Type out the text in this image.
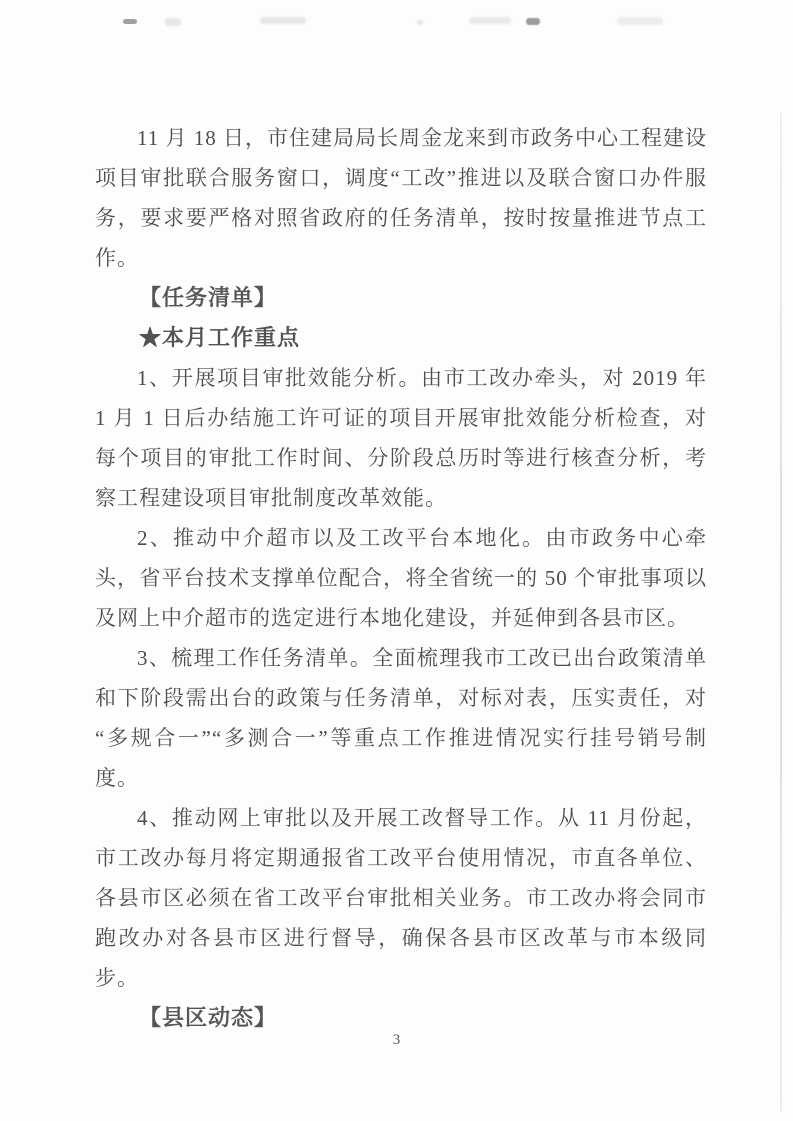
11 月 18 日，市住建局局长周金龙来到市政务中心工程建设项目审批联合服务窗口，调度“工改”推进以及联合窗口办件服务，要求要严格对照省政府的任务清单，按时按量推进节点工作。

【任务清单】
★本月工作重点

1、开展项目审批效能分析。由市工改办牵头，对 2019 年 1 月 1 日后办结施工许可证的项目开展审批效能分析检查，对每个项目的审批工作时间、分阶段总历时等进行核查分析，考察工程建设项目审批制度改革效能。

2、推动中介超市以及工改平台本地化。由市政务中心牵头，省平台技术支撑单位配合，将全省统一的 50 个审批事项以及网上中介超市的选定进行本地化建设，并延伸到各县市区。

3、梳理工作任务清单。全面梳理我市工改已出台政策清单和下阶段需出台的政策与任务清单，对标对表，压实责任，对“多规合一”“多测合一”等重点工作推进情况实行挂号销号制度。

4、推动网上审批以及开展工改督导工作。从 11 月份起，市工改办每月将定期通报省工改平台使用情况，市直各单位、各县市区必须在省工改平台审批相关业务。市工改办将会同市跑改办对各县市区进行督导，确保各县市区改革与市本级同步。

【县区动态】
3
